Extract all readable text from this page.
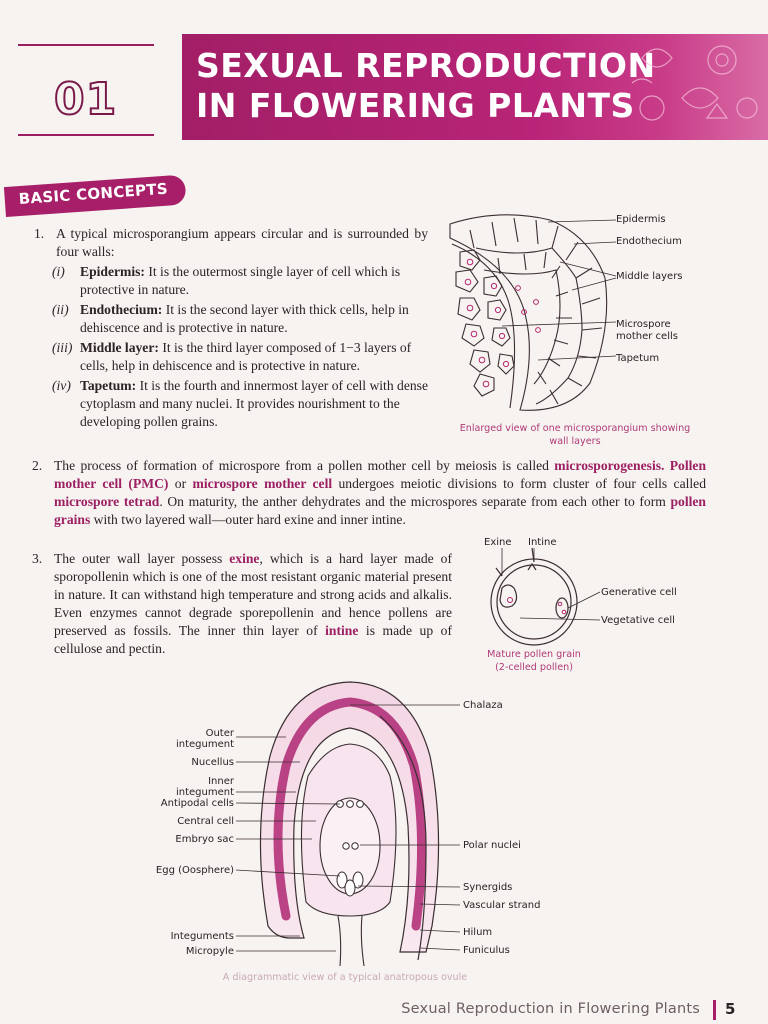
01
SEXUAL REPRODUCTION
IN FLOWERING PLANTS
BASIC CONCEPTS
1. A typical microsporangium appears circular and is surrounded by four walls:
(i)	Epidermis: It is the outermost single layer of cell which is protective in nature.
(ii) Endothecium: It is the second layer with thick cells, help in dehiscence and is protective in nature.
(iii) Middle layer: It is the third layer composed of 1−3 layers of cells, help in dehiscence and is protective in nature.
(iv) Tapetum: It is the fourth and innermost layer of cell with dense cytoplasm and many nuclei. It provides nourishment to the developing pollen grains.
Epidermis
Endothecium
Middle layers
Microspore
mother cells
Tapetum
Enlarged view of one microsporangium showing
wall layers
2. The process of formation of microspore from a pollen mother cell by meiosis is called microsporogenesis. Pollen mother cell (PMC) or microspore mother cell undergoes meiotic divisions to form cluster of four cells called microspore tetrad. On maturity, the anther dehydrates and the microspores separate from each other to form pollen grains with two layered wall—outer hard exine and inner intine.
3. The outer wall layer possess exine, which is a hard layer made of sporopollenin which is one of the most resistant organic material present in nature. It can withstand high temperature and strong acids and alkalis. Even enzymes cannot degrade sporepollenin and hence pollens are preserved as fossils. The inner thin layer of intine is made up of cellulose and pectin.
Exine Intine
Generative cell
Vegetative cell
Mature pollen grain
(2-celled pollen)
Chalaza
Outer
integument
Nucellus
Inner
integument
Antipodal cells
Central cell
Embryo sac
Egg (Oosphere)
Integuments
Micropyle
Polar nuclei
Synergids
Vascular strand
Hilum
Funiculus
A diagrammatic view of a typical anatropous ovule
Sexual Reproduction in Flowering Plants 5
